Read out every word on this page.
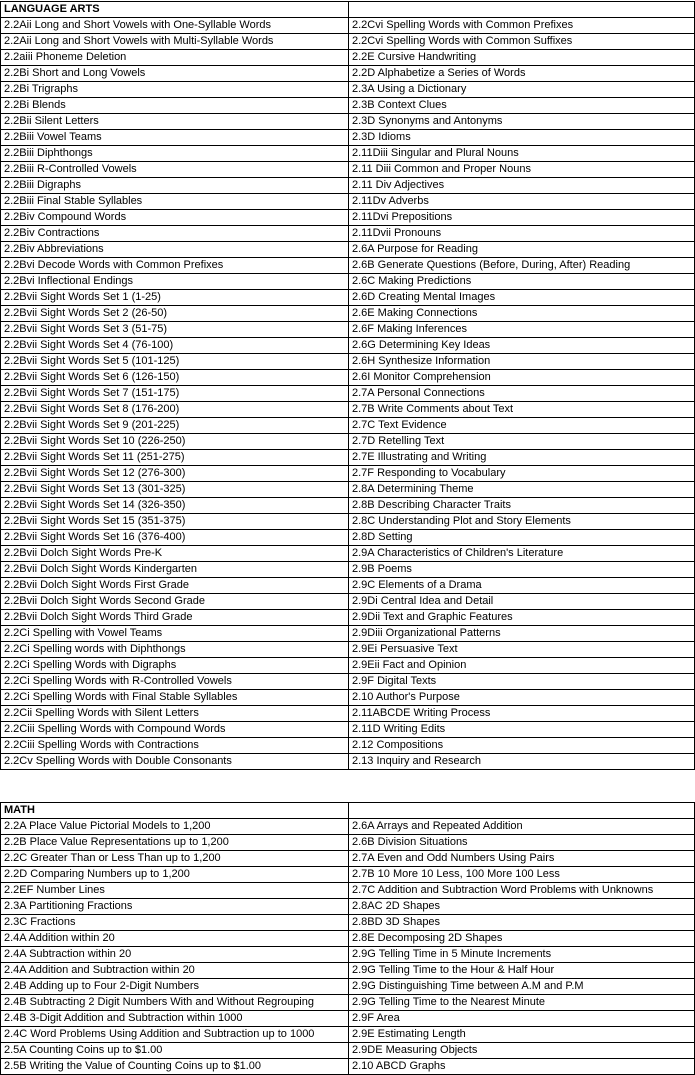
LANGUAGE ARTS	
2.2Aii Long and Short Vowels with One-Syllable Words	2.2Cvi Spelling Words with Common Prefixes
2.2Aii Long and Short Vowels with Multi-Syllable Words	2.2Cvi Spelling Words with Common Suffixes
2.2aiii Phoneme Deletion	2.2E Cursive Handwriting
2.2Bi Short and Long Vowels	2.2D Alphabetize a Series of Words
2.2Bi Trigraphs	2.3A Using a Dictionary
2.2Bi Blends	2.3B Context Clues
2.2Bii Silent Letters	2.3D Synonyms and Antonyms
2.2Biii Vowel Teams	2.3D Idioms
2.2Biii Diphthongs	2.11Diii Singular and Plural Nouns
2.2Biii R-Controlled Vowels	2.11 Diii Common and Proper Nouns
2.2Biii Digraphs	2.11 Div Adjectives
2.2Biii Final Stable Syllables	2.11Dv Adverbs
2.2Biv Compound Words	2.11Dvi Prepositions
2.2Biv Contractions	2.11Dvii Pronouns
2.2Biv Abbreviations	2.6A Purpose for Reading
2.2Bvi Decode Words with Common Prefixes	2.6B Generate Questions (Before, During, After) Reading
2.2Bvi Inflectional Endings	2.6C Making Predictions
2.2Bvii Sight Words Set 1 (1-25)	2.6D Creating Mental Images
2.2Bvii Sight Words Set 2 (26-50)	2.6E Making Connections
2.2Bvii Sight Words Set 3 (51-75)	2.6F Making Inferences
2.2Bvii Sight Words Set 4 (76-100)	2.6G Determining Key Ideas
2.2Bvii Sight Words Set 5 (101-125)	2.6H Synthesize Information
2.2Bvii Sight Words Set 6 (126-150)	2.6I Monitor Comprehension
2.2Bvii Sight Words Set 7 (151-175)	2.7A Personal Connections
2.2Bvii Sight Words Set 8 (176-200)	2.7B Write Comments about Text
2.2Bvii Sight Words Set 9 (201-225)	2.7C Text Evidence
2.2Bvii Sight Words Set 10 (226-250)	2.7D Retelling Text
2.2Bvii Sight Words Set 11 (251-275)	2.7E Illustrating and Writing
2.2Bvii Sight Words Set 12 (276-300)	2.7F Responding to Vocabulary
2.2Bvii Sight Words Set 13 (301-325)	2.8A Determining Theme
2.2Bvii Sight Words Set 14 (326-350)	2.8B Describing Character Traits
2.2Bvii Sight Words Set 15 (351-375)	2.8C Understanding Plot and Story Elements
2.2Bvii Sight Words Set 16 (376-400)	2.8D Setting
2.2Bvii Dolch Sight Words Pre-K	2.9A Characteristics of Children's Literature
2.2Bvii Dolch Sight Words Kindergarten	2.9B Poems
2.2Bvii Dolch Sight Words First Grade	2.9C Elements of a Drama
2.2Bvii Dolch Sight Words Second Grade	2.9Di Central Idea and Detail
2.2Bvii Dolch Sight Words Third Grade	2.9Dii Text and Graphic Features
2.2Ci Spelling with Vowel Teams	2.9Diii Organizational Patterns
2.2Ci Spelling words with Diphthongs	2.9Ei Persuasive Text
2.2Ci Spelling Words with Digraphs	2.9Eii Fact and Opinion
2.2Ci Spelling Words with R-Controlled Vowels	2.9F Digital Texts
2.2Ci Spelling Words with Final Stable Syllables	2.10 Author's Purpose
2.2Cii Spelling Words with Silent Letters	2.11ABCDE Writing Process
2.2Ciii Spelling Words with Compound Words	2.11D Writing Edits
2.2Ciii Spelling Words with Contractions	2.12 Compositions
2.2Cv Spelling Words with Double Consonants	2.13 Inquiry and Research
MATH	
2.2A Place Value Pictorial Models to 1,200	2.6A Arrays and Repeated Addition
2.2B Place Value Representations up to 1,200	2.6B Division Situations
2.2C Greater Than or Less Than up to 1,200	2.7A Even and Odd Numbers Using Pairs
2.2D Comparing Numbers up to 1,200	2.7B 10 More 10 Less, 100 More 100 Less
2.2EF Number Lines	2.7C Addition and Subtraction Word Problems with Unknowns
2.3A Partitioning Fractions	2.8AC 2D Shapes
2.3C Fractions	2.8BD 3D Shapes
2.4A Addition within 20	2.8E Decomposing 2D Shapes
2.4A Subtraction within 20	2.9G Telling Time in 5 Minute Increments
2.4A Addition and Subtraction within 20	2.9G Telling Time to the Hour & Half Hour
2.4B Adding up to Four 2-Digit Numbers	2.9G Distinguishing Time between A.M and P.M
2.4B Subtracting 2 Digit Numbers With and Without Regrouping	2.9G Telling Time to the Nearest Minute
2.4B 3-Digit Addition and Subtraction within 1000	2.9F Area
2.4C Word Problems Using Addition and Subtraction up to 1000	2.9E Estimating Length
2.5A Counting Coins up to $1.00	2.9DE Measuring Objects
2.5B Writing the Value of Counting Coins up to $1.00	2.10 ABCD Graphs
